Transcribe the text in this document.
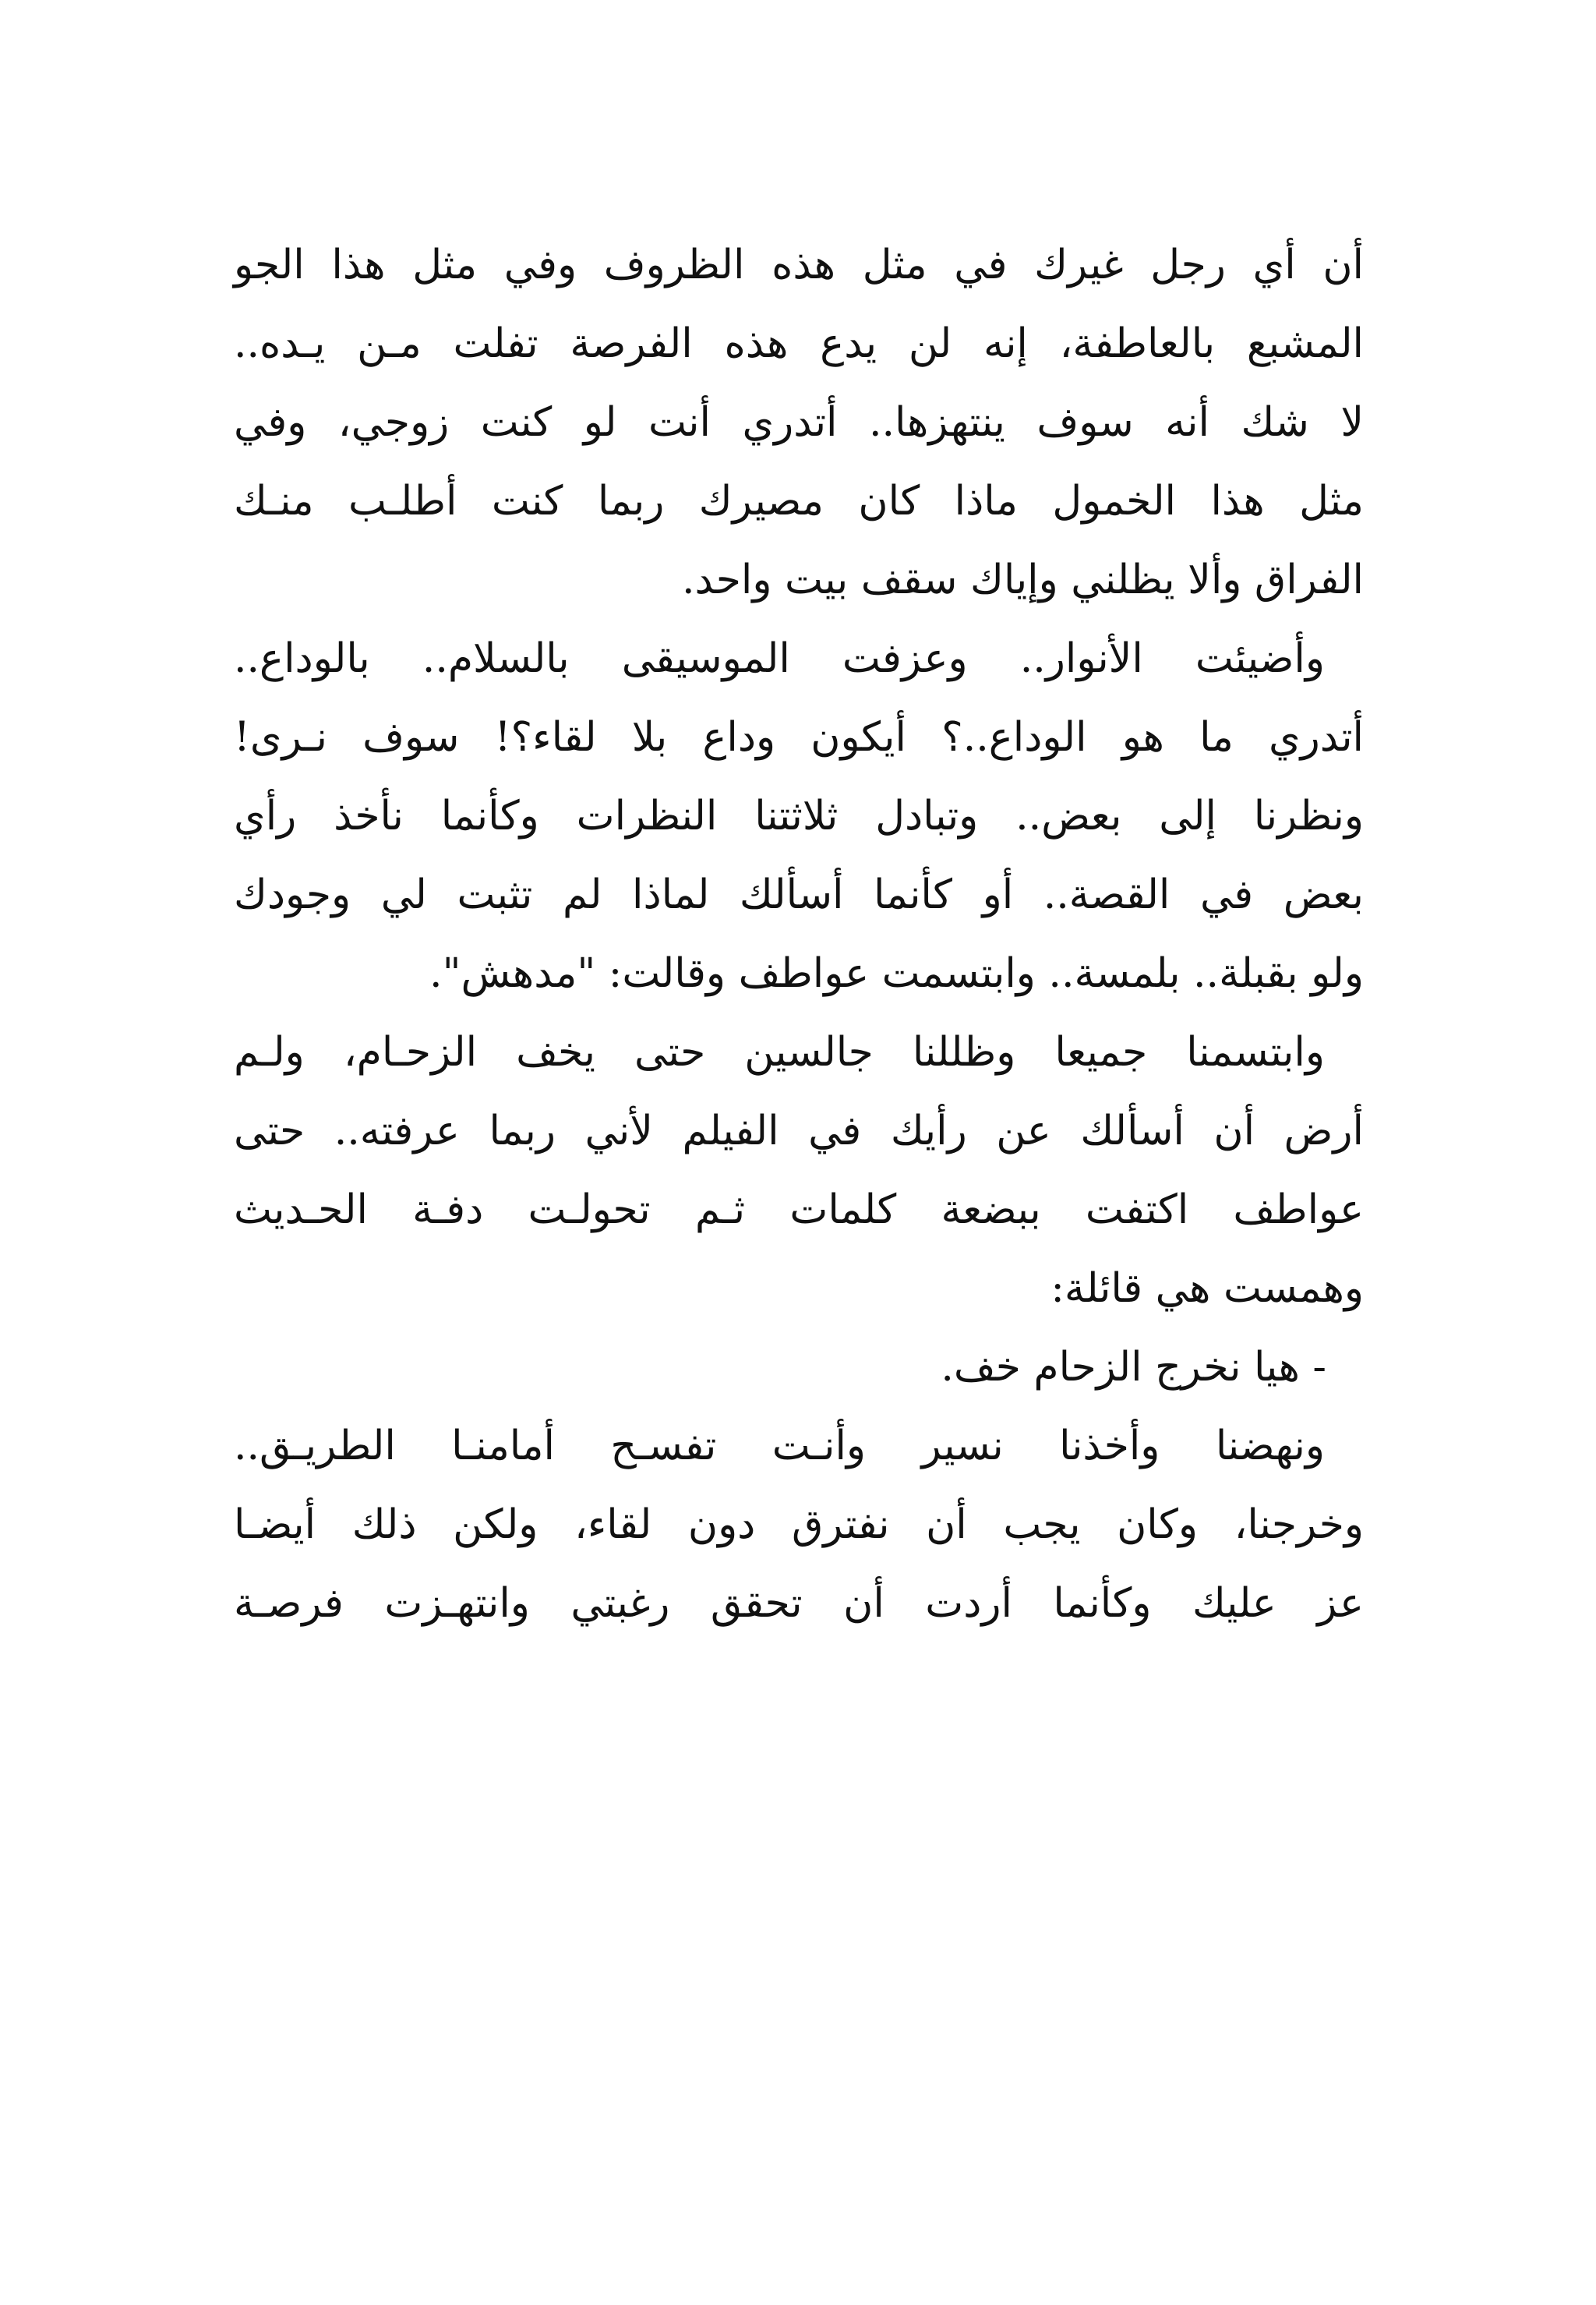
أن أي رجل غيرك في مثل هذه الظروف وفي مثل هذا الجو
المشبع بالعاطفة، إنه لن يدع هذه الفرصة تفلت مـن يـده..
لا شك أنه سوف ينتهزها.. أتدري أنت لو كنت زوجي، وفي
مثل هذا الخمول ماذا كان مصيرك ربما كنت أطلـب منـك
الفراق وألا يظلني وإياك سقف بيت واحد.
وأضيئت الأنوار.. وعزفت الموسيقى بالسلام.. بالوداع..
أتدري ما هو الوداع..؟ أيكون وداع بلا لقاء؟! سوف نـرى!
ونظرنا إلى بعض.. وتبادل ثلاثتنا النظرات وكأنما نأخذ رأي
بعض في القصة.. أو كأنما أسألك لماذا لم تثبت لي وجودك
ولو بقبلة.. بلمسة.. وابتسمت عواطف وقالت: "مدهش".
وابتسمنا جميعا وظللنا جالسين حتى يخف الزحـام، ولـم
أرض أن أسألك عن رأيك في الفيلم لأني ربما عرفته.. حتى
عواطف اكتفت ببضعة كلمات ثـم تحولـت دفـة الحـديث
وهمست هي قائلة:
- هيا نخرج الزحام خف.
ونهضنا وأخذنا نسير وأنـت تفسـح أمامنـا الطريـق..
وخرجنا، وكان يجب أن نفترق دون لقاء، ولكن ذلك أيضـا
عز عليك وكأنما أردت أن تحقق رغبتي وانتهـزت فرصـة
